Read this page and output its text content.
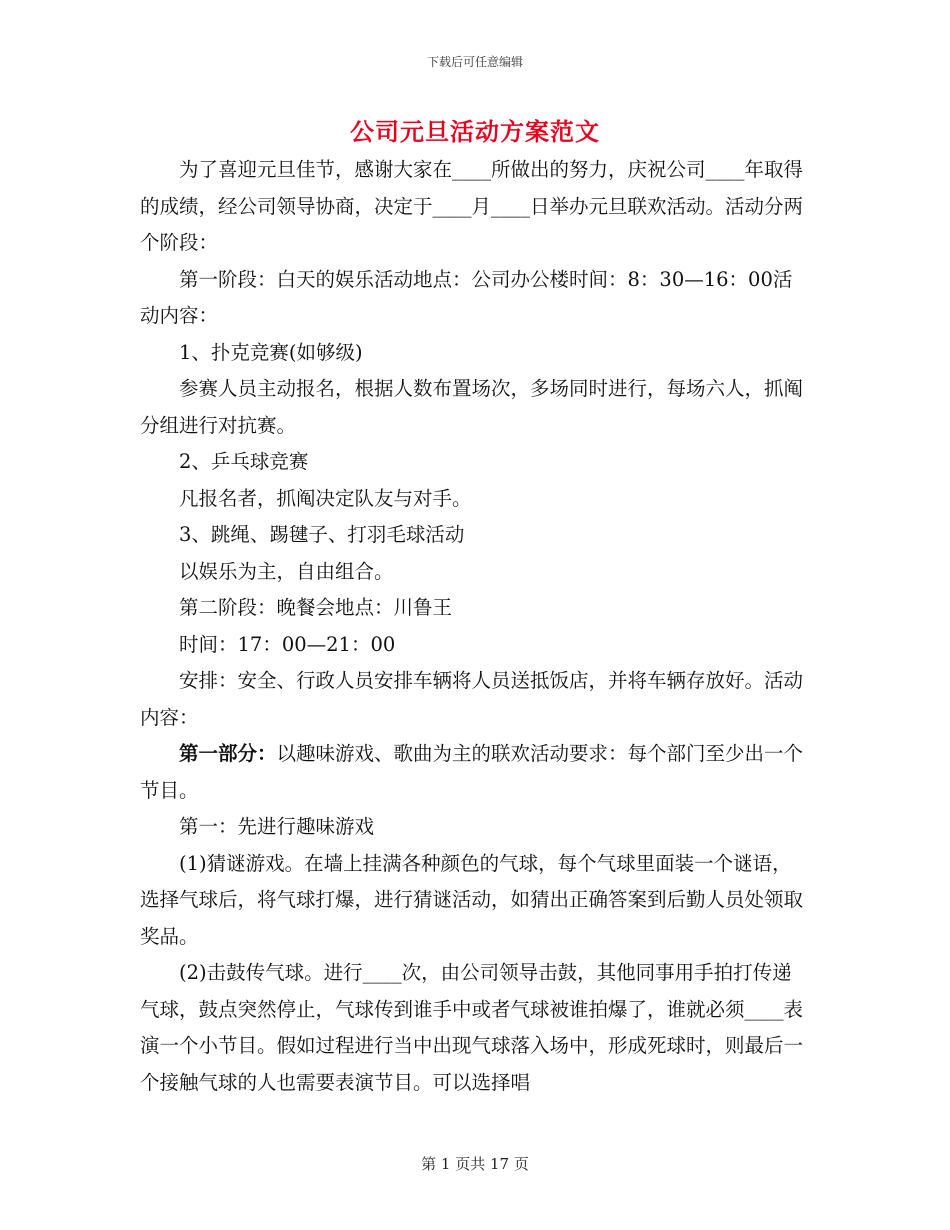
下载后可任意编辑
公司元旦活动方案范文

为了喜迎元旦佳节，感谢大家在____所做出的努力，庆祝公司____年取得的成绩，经公司领导协商，决定于____月____日举办元旦联欢活动。活动分两个阶段：

第一阶段：白天的娱乐活动地点：公司办公楼时间：8：30—16：00活动内容：

1、扑克竞赛(如够级)

参赛人员主动报名，根据人数布置场次，多场同时进行，每场六人，抓阄分组进行对抗赛。

2、乒乓球竞赛

凡报名者，抓阄决定队友与对手。

3、跳绳、踢毽子、打羽毛球活动

以娱乐为主，自由组合。

第二阶段：晚餐会地点：川鲁王

时间：17：00—21：00

安排：安全、行政人员安排车辆将人员送抵饭店，并将车辆存放好。活动内容：

第一部分：以趣味游戏、歌曲为主的联欢活动要求：每个部门至少出一个节目。

第一：先进行趣味游戏

(1)猜谜游戏。在墙上挂满各种颜色的气球，每个气球里面装一个谜语，选择气球后，将气球打爆，进行猜谜活动，如猜出正确答案到后勤人员处领取奖品。

(2)击鼓传气球。进行____次，由公司领导击鼓，其他同事用手拍打传递气球，鼓点突然停止，气球传到谁手中或者气球被谁拍爆了，谁就必须____表演一个小节目。假如过程进行当中出现气球落入场中，形成死球时，则最后一个接触气球的人也需要表演节目。可以选择唱

第 1 页共 17 页
